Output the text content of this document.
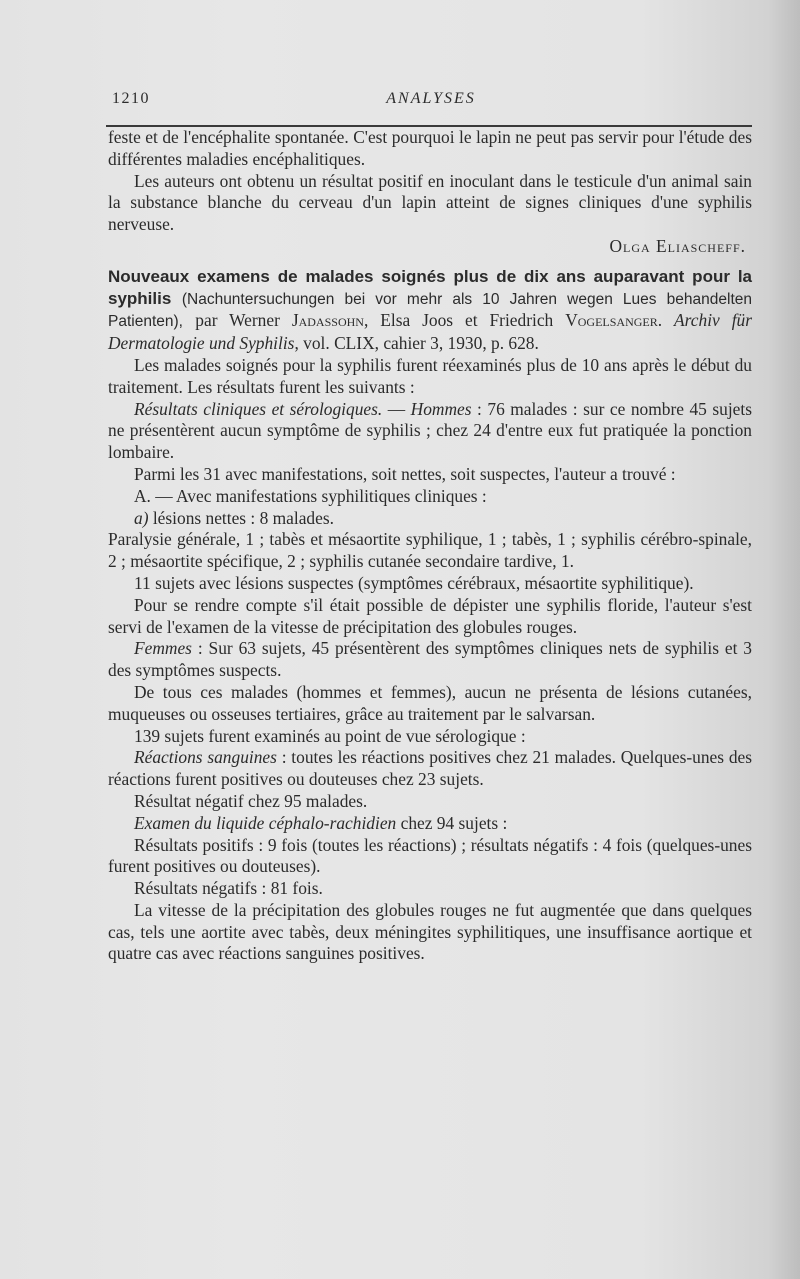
1210	ANALYSES

feste et de l'encéphalite spontanée. C'est pourquoi le lapin ne peut pas servir pour l'étude des différentes maladies encéphalitiques.

Les auteurs ont obtenu un résultat positif en inoculant dans le testicule d'un animal sain la substance blanche du cerveau d'un lapin atteint de signes cliniques d'une syphilis nerveuse.

Olga Eliascheff.
Nouveaux examens de malades soignés plus de dix ans auparavant pour la syphilis (Nachuntersuchungen bei vor mehr als 10 Jahren wegen Lues behandelten Patienten), par Werner Jadassohn, Elsa Joos et Friedrich Vogelsanger. Archiv für Dermatologie und Syphilis, vol. CLIX, cahier 3, 1930, p. 628.

Les malades soignés pour la syphilis furent réexaminés plus de 10 ans après le début du traitement. Les résultats furent les suivants :

Résultats cliniques et sérologiques. — Hommes : 76 malades : sur ce nombre 45 sujets ne présentèrent aucun symptôme de syphilis ; chez 24 d'entre eux fut pratiquée la ponction lombaire.

Parmi les 31 avec manifestations, soit nettes, soit suspectes, l'auteur a trouvé :

A. — Avec manifestations syphilitiques cliniques :

a) lésions nettes : 8 malades.

Paralysie générale, 1 ; tabès et mésaortite syphilique, 1 ; tabès, 1 ; syphilis cérébro-spinale, 2 ; mésaortite spécifique, 2 ; syphilis cutanée secondaire tardive, 1.

11 sujets avec lésions suspectes (symptômes cérébraux, mésaortite syphilitique).

Pour se rendre compte s'il était possible de dépister une syphilis floride, l'auteur s'est servi de l'examen de la vitesse de précipitation des globules rouges.

Femmes : Sur 63 sujets, 45 présentèrent des symptômes cliniques nets de syphilis et 3 des symptômes suspects.

De tous ces malades (hommes et femmes), aucun ne présenta de lésions cutanées, muqueuses ou osseuses tertiaires, grâce au traitement par le salvarsan.

139 sujets furent examinés au point de vue sérologique :

Réactions sanguines : toutes les réactions positives chez 21 malades. Quelques-unes des réactions furent positives ou douteuses chez 23 sujets.

Résultat négatif chez 95 malades.

Examen du liquide céphalo-rachidien chez 94 sujets :

Résultats positifs : 9 fois (toutes les réactions) ; résultats négatifs : 4 fois (quelques-unes furent positives ou douteuses).

Résultats négatifs : 81 fois.

La vitesse de la précipitation des globules rouges ne fut augmentée que dans quelques cas, tels une aortite avec tabès, deux méningites syphilitiques, une insuffisance aortique et quatre cas avec réactions sanguines positives.
